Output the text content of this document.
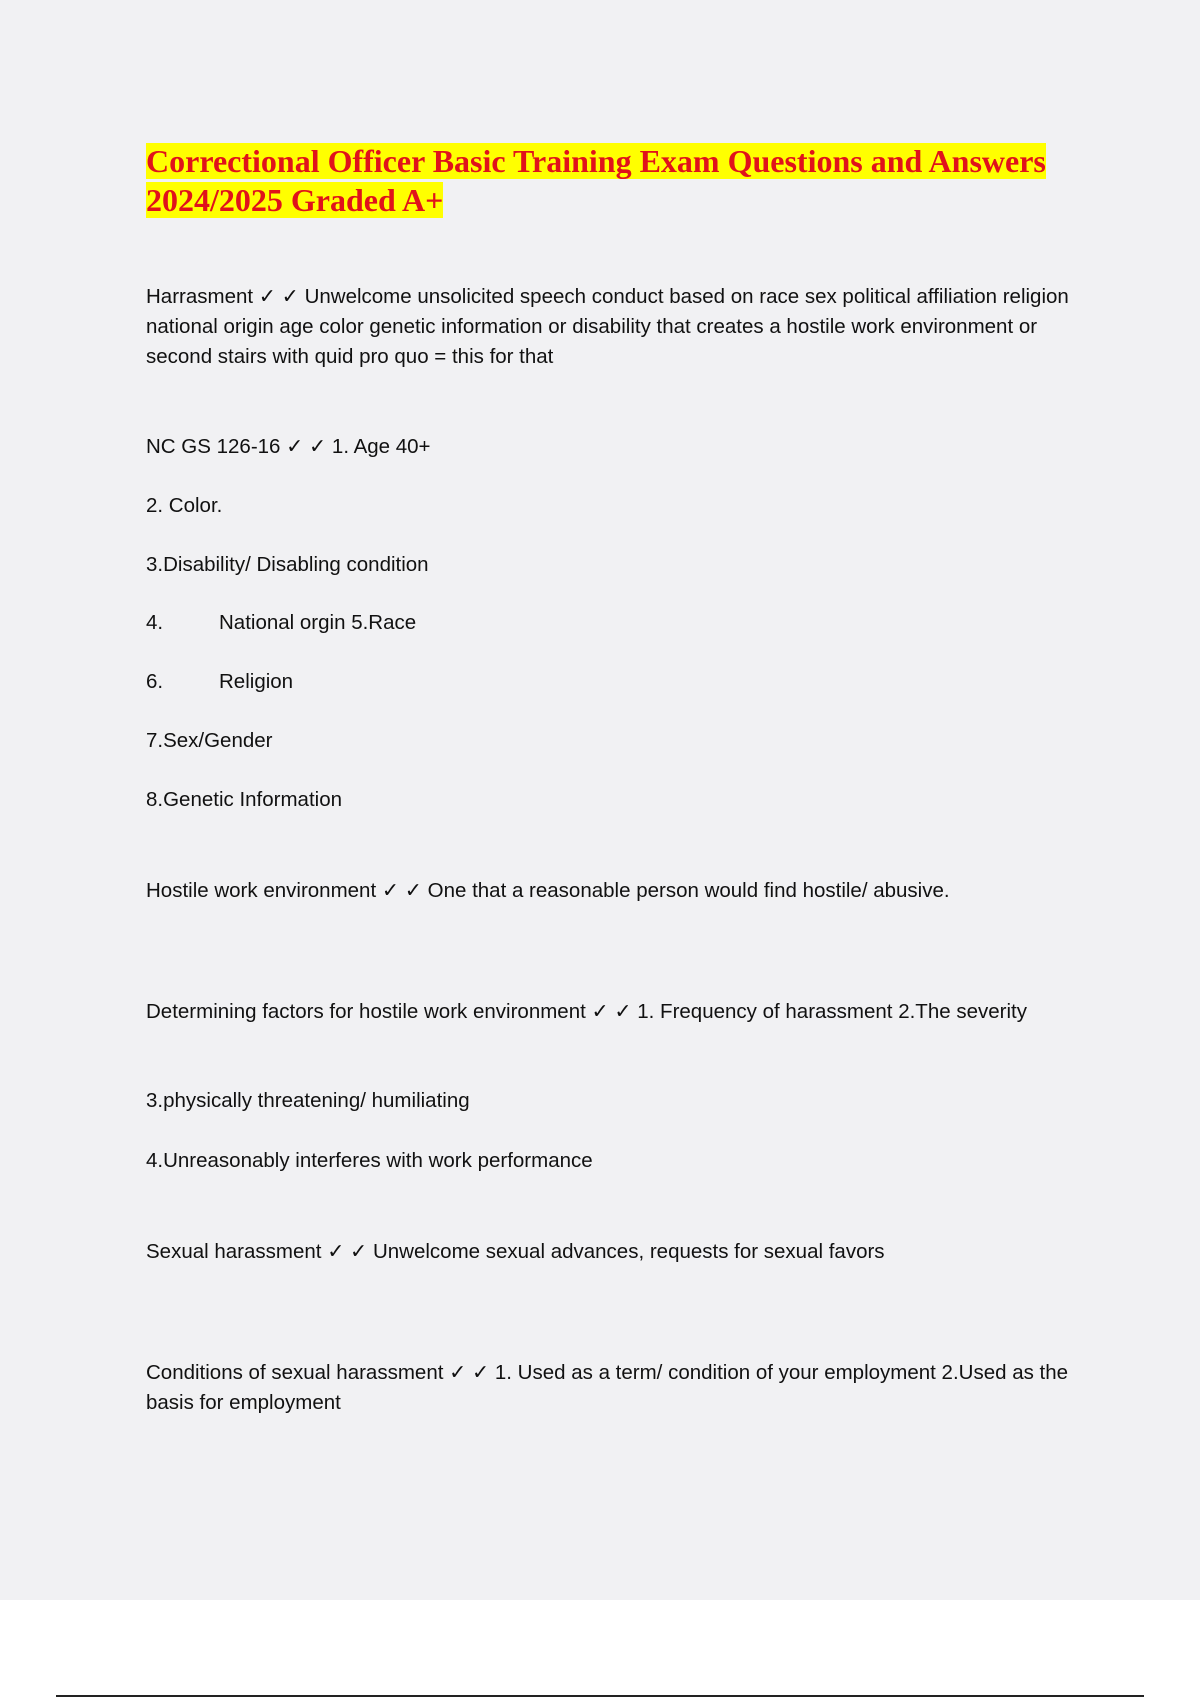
Correctional Officer Basic Training Exam Questions and Answers 2024/2025 Graded A+

Harrasment ✓ ✓ Unwelcome unsolicited speech conduct based on race sex political affiliation religion national origin age color genetic information or disability that creates a hostile work environment or second stairs with quid pro quo = this for that

NC GS 126-16 ✓ ✓ 1. Age 40+

2. Color.

3.Disability/ Disabling condition

4.	National orgin 5.Race

6.	Religion

7.Sex/Gender

8.Genetic Information

Hostile work environment ✓ ✓ One that a reasonable person would find hostile/ abusive.

Determining factors for hostile work environment ✓ ✓ 1. Frequency of harassment 2.The severity

3.physically threatening/ humiliating

4.Unreasonably interferes with work performance

Sexual harassment ✓ ✓ Unwelcome sexual advances, requests for sexual favors

Conditions of sexual harassment ✓ ✓ 1. Used as a term/ condition of your employment 2.Used as the basis for employment
